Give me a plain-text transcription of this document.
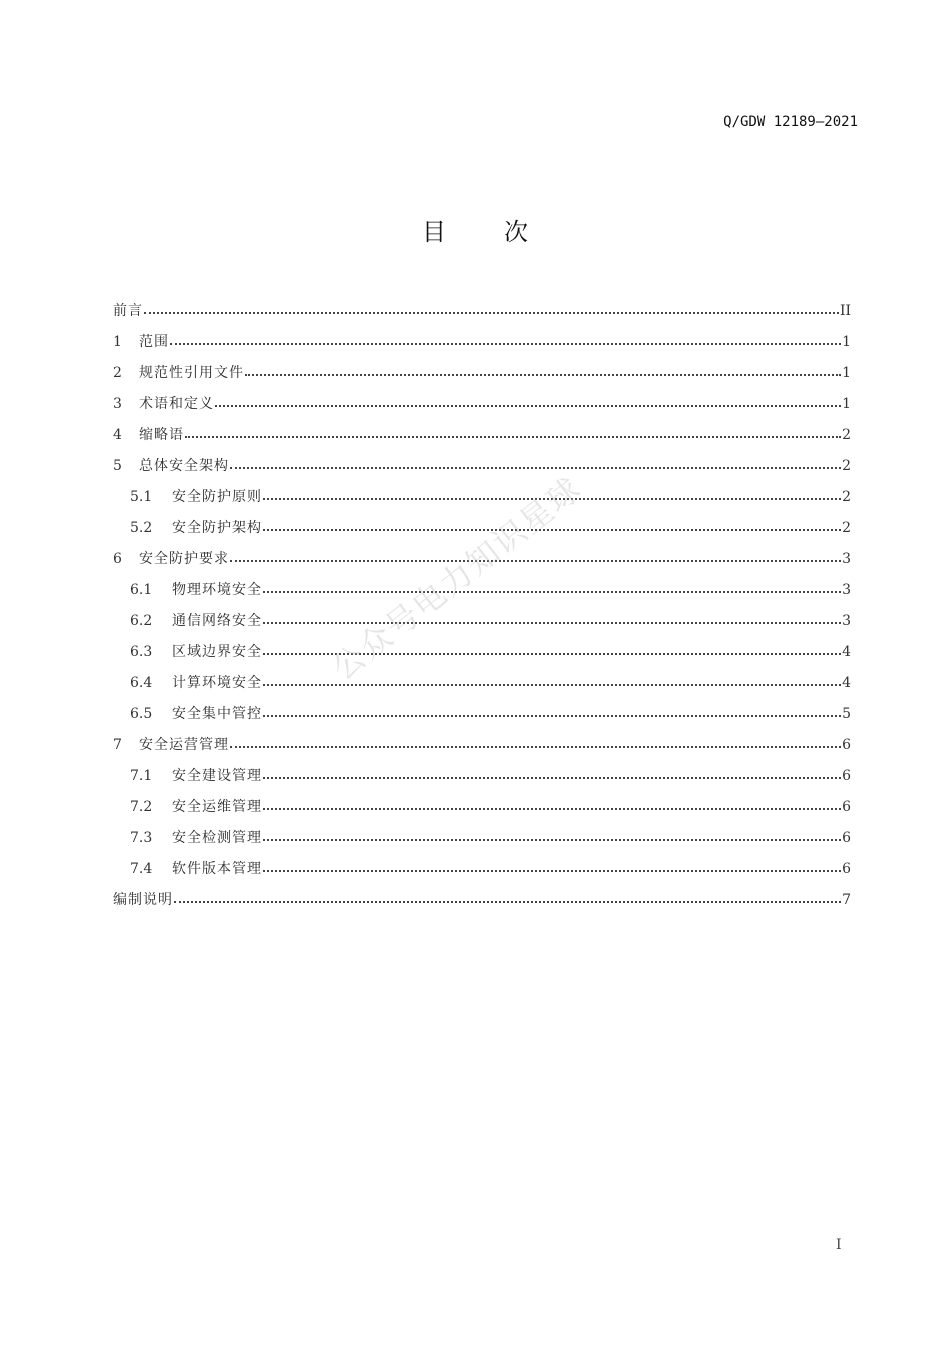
Q/GDW 12189—2021
目 次
前言	II
1	范围	1
2	规范性引用文件	1
3	术语和定义	1
4	缩略语	2
5	总体安全架构	2
5.1	安全防护原则	2
5.2	安全防护架构	2
6	安全防护要求	3
6.1	物理环境安全	3
6.2	通信网络安全	3
6.3	区域边界安全	4
6.4	计算环境安全	4
6.5	安全集中管控	5
7	安全运营管理	6
7.1	安全建设管理	6
7.2	安全运维管理	6
7.3	安全检测管理	6
7.4	软件版本管理	6
编制说明	7
公众号电力知识星球
I
